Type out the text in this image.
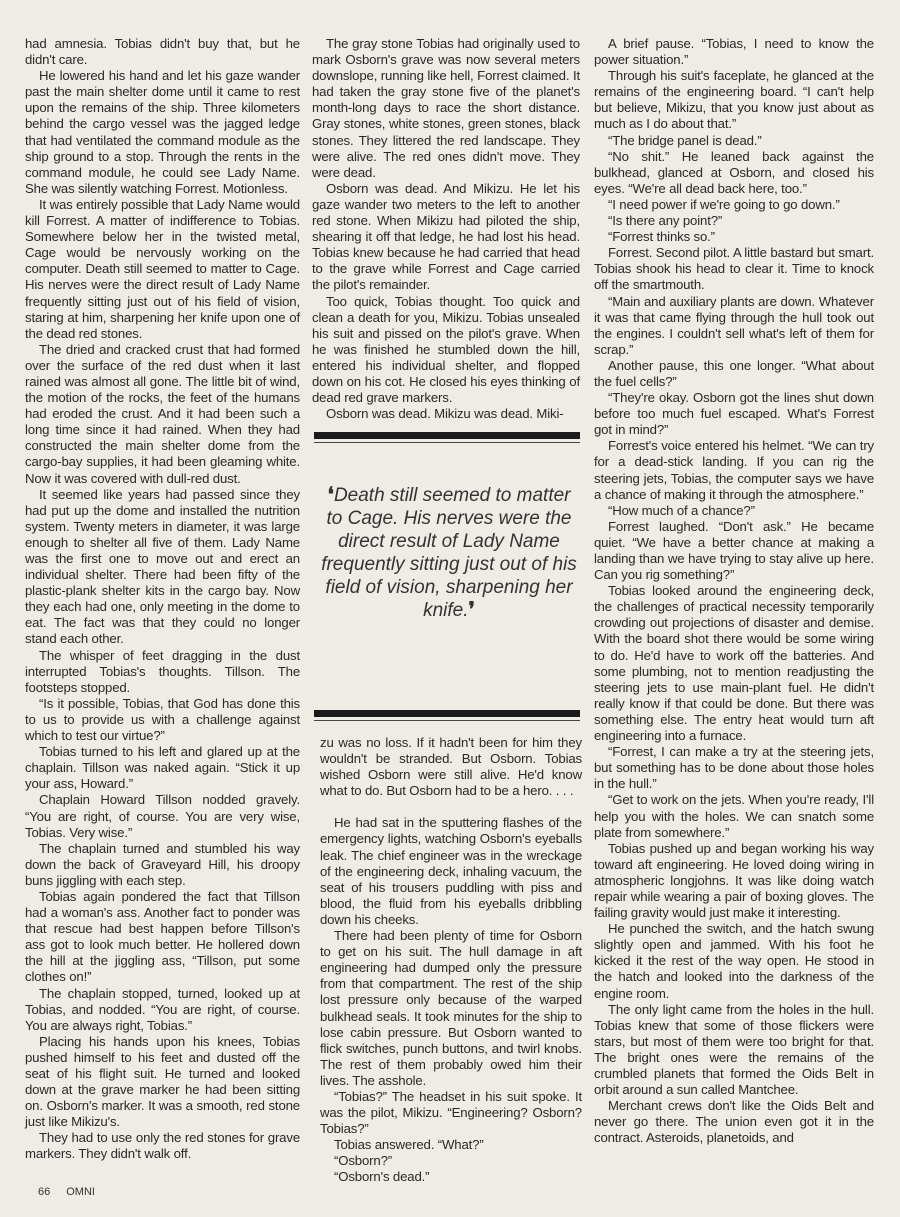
had amnesia. Tobias didn't buy that, but he didn't care.

He lowered his hand and let his gaze wander past the main shelter dome until it came to rest upon the remains of the ship. Three kilometers behind the cargo vessel was the jagged ledge that had ventilated the command module as the ship ground to a stop. Through the rents in the command module, he could see Lady Name. She was silently watching Forrest. Motionless.

It was entirely possible that Lady Name would kill Forrest. A matter of indifference to Tobias. Somewhere below her in the twisted metal, Cage would be nervously working on the computer. Death still seemed to matter to Cage. His nerves were the direct result of Lady Name frequently sitting just out of his field of vision, staring at him, sharpening her knife upon one of the dead red stones.

The dried and cracked crust that had formed over the surface of the red dust when it last rained was almost all gone. The little bit of wind, the motion of the rocks, the feet of the humans had eroded the crust. And it had been such a long time since it had rained. When they had constructed the main shelter dome from the cargo-bay supplies, it had been gleaming white. Now it was covered with dull-red dust.

It seemed like years had passed since they had put up the dome and installed the nutrition system. Twenty meters in diameter, it was large enough to shelter all five of them. Lady Name was the first one to move out and erect an individual shelter. There had been fifty of the plastic-plank shelter kits in the cargo bay. Now they each had one, only meeting in the dome to eat. The fact was that they could no longer stand each other.

The whisper of feet dragging in the dust interrupted Tobias's thoughts. Tillson. The footsteps stopped.

“Is it possible, Tobias, that God has done this to us to provide us with a challenge against which to test our virtue?”

Tobias turned to his left and glared up at the chaplain. Tillson was naked again. “Stick it up your ass, Howard.”

Chaplain Howard Tillson nodded gravely. “You are right, of course. You are very wise, Tobias. Very wise.”

The chaplain turned and stumbled his way down the back of Graveyard Hill, his droopy buns jiggling with each step.

Tobias again pondered the fact that Tillson had a woman's ass. Another fact to ponder was that rescue had best happen before Tillson's ass got to look much better. He hollered down the hill at the jiggling ass, “Tillson, put some clothes on!”

The chaplain stopped, turned, looked up at Tobias, and nodded. “You are right, of course. You are always right, Tobias.”

Placing his hands upon his knees, Tobias pushed himself to his feet and dusted off the seat of his flight suit. He turned and looked down at the grave marker he had been sitting on. Osborn's marker. It was a smooth, red stone just like Mikizu's.

They had to use only the red stones for grave markers. They didn't walk off.

The gray stone Tobias had originally used to mark Osborn's grave was now several meters downslope, running like hell, Forrest claimed. It had taken the gray stone five of the planet's month-long days to race the short distance. Gray stones, white stones, green stones, black stones. They littered the red landscape. They were alive. The red ones didn't move. They were dead.

Osborn was dead. And Mikizu. He let his gaze wander two meters to the left to another red stone. When Mikizu had piloted the ship, shearing it off that ledge, he had lost his head. Tobias knew because he had carried that head to the grave while Forrest and Cage carried the pilot's remainder.

Too quick, Tobias thought. Too quick and clean a death for you, Mikizu. Tobias unsealed his suit and pissed on the pilot's grave. When he was finished he stumbled down the hill, entered his individual shelter, and flopped down on his cot. He closed his eyes thinking of dead red grave markers.

Osborn was dead. Mikizu was dead. Miki-

❛Death still seemed to matter to Cage. His nerves were the direct result of Lady Name frequently sitting just out of his field of vision, sharpening her knife.❜

zu was no loss. If it hadn't been for him they wouldn't be stranded. But Osborn. Tobias wished Osborn were still alive. He'd know what to do. But Osborn had to be a hero. . . .

He had sat in the sputtering flashes of the emergency lights, watching Osborn's eyeballs leak. The chief engineer was in the wreckage of the engineering deck, inhaling vacuum, the seat of his trousers puddling with piss and blood, the fluid from his eyeballs dribbling down his cheeks.

There had been plenty of time for Osborn to get on his suit. The hull damage in aft engineering had dumped only the pressure from that compartment. The rest of the ship lost pressure only because of the warped bulkhead seals. It took minutes for the ship to lose cabin pressure. But Osborn wanted to flick switches, punch buttons, and twirl knobs. The rest of them probably owed him their lives. The asshole.

“Tobias?” The headset in his suit spoke. It was the pilot, Mikizu. “Engineering? Osborn? Tobias?”

Tobias answered. “What?”

“Osborn?”

“Osborn's dead.”

A brief pause. “Tobias, I need to know the power situation.”

Through his suit's faceplate, he glanced at the remains of the engineering board. “I can't help but believe, Mikizu, that you know just about as much as I do about that.”

“The bridge panel is dead.”

“No shit.” He leaned back against the bulkhead, glanced at Osborn, and closed his eyes. “We're all dead back here, too.”

“I need power if we're going to go down.”

“Is there any point?”

“Forrest thinks so.”

Forrest. Second pilot. A little bastard but smart. Tobias shook his head to clear it. Time to knock off the smartmouth.

“Main and auxiliary plants are down. Whatever it was that came flying through the hull took out the engines. I couldn't sell what's left of them for scrap.”

Another pause, this one longer. “What about the fuel cells?”

“They're okay. Osborn got the lines shut down before too much fuel escaped. What's Forrest got in mind?”

Forrest's voice entered his helmet. “We can try for a dead-stick landing. If you can rig the steering jets, Tobias, the computer says we have a chance of making it through the atmosphere.”

“How much of a chance?”

Forrest laughed. “Don't ask.” He became quiet. “We have a better chance at making a landing than we have trying to stay alive up here. Can you rig something?”

Tobias looked around the engineering deck, the challenges of practical necessity temporarily crowding out projections of disaster and demise. With the board shot there would be some wiring to do. He'd have to work off the batteries. And some plumbing, not to mention readjusting the steering jets to use main-plant fuel. He didn't really know if that could be done. But there was something else. The entry heat would turn aft engineering into a furnace.

“Forrest, I can make a try at the steering jets, but something has to be done about those holes in the hull.”

“Get to work on the jets. When you're ready, I'll help you with the holes. We can snatch some plate from somewhere.”

Tobias pushed up and began working his way toward aft engineering. He loved doing wiring in atmospheric longjohns. It was like doing watch repair while wearing a pair of boxing gloves. The failing gravity would just make it interesting.

He punched the switch, and the hatch swung slightly open and jammed. With his foot he kicked it the rest of the way open. He stood in the hatch and looked into the darkness of the engine room.

The only light came from the holes in the hull. Tobias knew that some of those flickers were stars, but most of them were too bright for that. The bright ones were the remains of the crumbled planets that formed the Oids Belt in orbit around a sun called Mantchee.

Merchant crews don't like the Oids Belt and never go there. The union even got it in the contract. Asteroids, planetoids, and

66 OMNI
